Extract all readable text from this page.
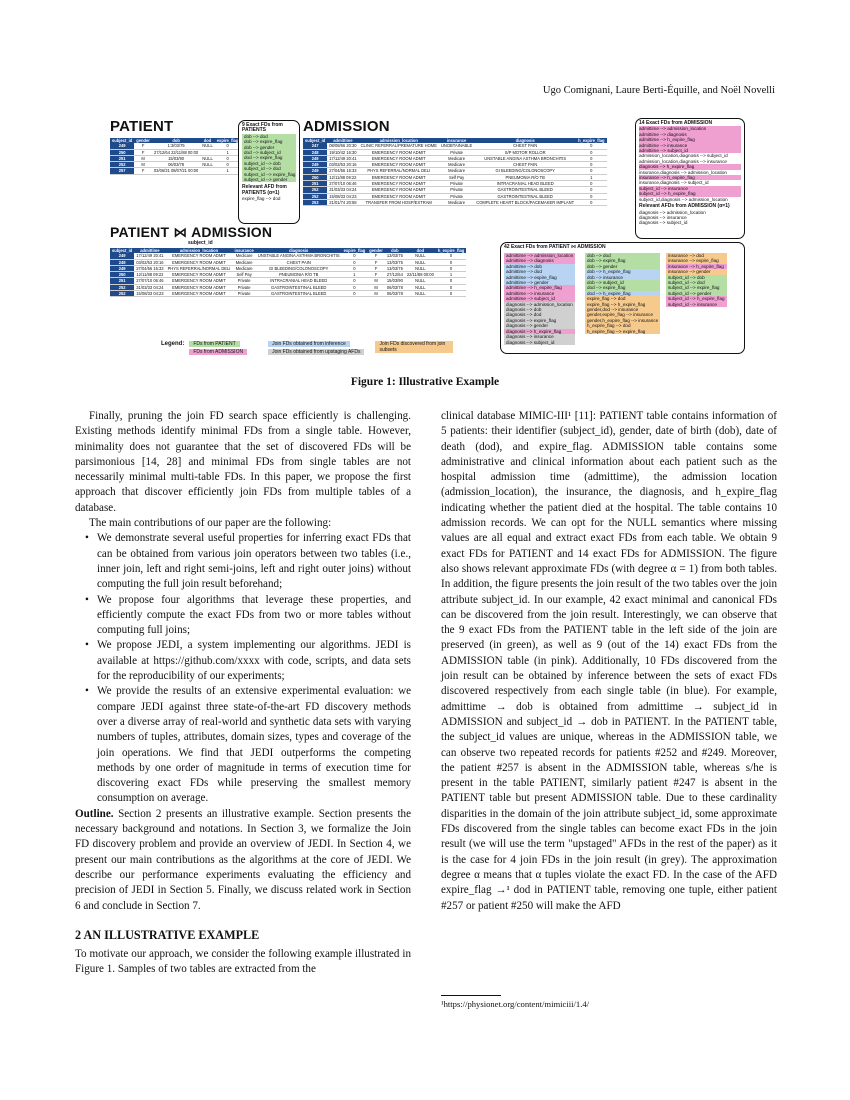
Ugo Comignani, Laure Berti-Équille, and Noël Novelli
PATIENT	ADMISSION
PATIENT ⋈ ADMISSION
subject_id
subject_id	gender	dob	dod	expire_flag
249	F	1:3/03/75	NULL	0
250	F	27/12/64 22/11/88 00:00		1
251	M	15/03/90	NULL	0
252	M	06/03/78	NULL	0
257	F	03/06/31 08/07/21 00:00		1
subject_id	admittime	admission_location	insurance	diagnosis	h_expire_flag
247	08/08/56 20:30	CLINIC REFERRAL/PREMATURE HOME	UNOBTAINABLE	CHEST PAIN	0
248	19/10/42 16:30	EMERGENCY ROOM ADMIT	Private	S/P MOTOR ROLLOR	0
249	17/12/49 20:41	EMERGENCY ROOM ADMIT	Medicare	UNSTABLE ANGINA ASTHMA BRONCHITIS	0
249	03/02/53 20:16	EMERGENCY ROOM ADMIT	Medicare	CHEST PAIN	0
249	27/04/56 15:33	PHYS REFERRAL/NORMAL DELI	Medicare	GI BLEEDING/COLONOSCOPY	0
250	12/11/88 09:22	EMERGENCY ROOM ADMIT	Self Pay	PNEUMONIA R/O TB	1
251	27/07/10 06:46	EMERGENCY ROOM ADMIT	Private	INTRACRANIAL HEAD BLEED	0
252	31/03/33 04:24	EMERGENCY ROOM ADMIT	Private	GASTROINTESTINAL BLEED	0
252	15/08/33 04:23	EMERGENCY ROOM ADMIT	Private	GASTROINTESTINAL BLEED	0
253	21/01/74 20:58	TRANSFER FROM HOSP/EXTRAM	Medicare	COMPLETE HEART BLOCK/PACEMAKER IMPLANT	0
subject_id	admittime	admission_location	insurance	diagnosis	expire_flag	gender	dob	dod	h_expire_flag
249	17/12/49 20:41	EMERGENCY ROOM ADMIT	Medicare	UNSTABLE ANGINA ASTHMA BRONCHITIS	0	F	13/03/75	NULL	0
249	03/02/53 20:16	EMERGENCY ROOM ADMIT	Medicare	CHEST PAIN	0	F	13/03/75	NULL	0
249	27/04/56 15:33	PHYS REFERRAL/NORMAL DELI	Medicare	GI BLEEDING/COLONOSCOPY	0	F	13/03/75	NULL	0
250	12/11/88 09:22	EMERGENCY ROOM ADMIT	Self Pay	PNEUMONIA R/O TB	1	F	27/12/64	22/11/88 00:00	1
251	27/07/10 06:46	EMERGENCY ROOM ADMIT	Private	INTRACRANIAL HEAD BLEED	0	M	15/03/90	NULL	0
252	31/03/33 04:24	EMERGENCY ROOM ADMIT	Private	GASTROINTESTINAL BLEED	0	M	06/03/78	NULL	0
252	15/08/33 04:23	EMERGENCY ROOM ADMIT	Private	GASTROINTESTINAL BLEED	0	M	06/03/78	NULL	0
9 Exact FDs from PATIENTS
dob --> dod
dob --> expire_flag
dob --> gender
dod --> subject_id
dod --> expire_flag
subject_id --> dob
subject_id --> dod
subject_id --> expire_flag
subject_id --> gender
Relevant AFD from PATIENTS (α=1)
expire_flag --> dod
14 Exact FDs from ADMISSION
admittime --> admission_location
admittime --> diagnosis
admittime --> h_expire_flag
admittime --> insurance
admittime --> subject_id
admission_location,diagnosis --> subject_id
admission_location,diagnosis --> insurance
diagnosis --> h_expire_flag
insurance,diagnosis --> admission_location
insurance --> h_expire_flag
insurance,diagnosis --> subject_id
subject_id --> insurance
subject_id --> h_expire_flag
subject_id,diagnosis --> admission_location
Relevant AFDs from ADMISSION (α=1)
diagnosis --> admission_location
diagnosis --> insurance
diagnosis --> subject_id
42 Exact FDs from PATIENT ⋈ ADMISSION
admittime --> admission_location
admittime --> diagnosis
admittime --> dob
admittime --> dod
admittime --> expire_flag
admittime --> gender
admittime --> h_expire_flag
admittime --> insurance
admittime --> subject_id
diagnosis --> admission_location
diagnosis --> dob
diagnosis --> dod
diagnosis --> expire_flag
diagnosis --> gender
diagnosis --> h_expire_flag
diagnosis --> insurance
diagnosis --> subject_id
dob --> dod
dob --> expire_flag
dob --> gender
dob --> h_expire_flag
dob --> insurance
dob --> subject_id
dod --> expire_flag
dod --> h_expire_flag
expire_flag --> dod
expire_flag --> h_expire_flag
gender,dod --> insurance
gender,expire_flag --> insurance
gender,h_expire_flag --> insurance
h_expire_flag --> dod
h_expire_flag --> expire_flag
insurance --> dod
insurance --> expire_flag
insurance --> h_expire_flag
insurance --> gender
subject_id --> dob
subject_id --> dod
subject_id --> expire_flag
subject_id --> gender
subject_id --> h_expire_flag
subject_id --> insurance
Legend:	FDs from PATIENT	Join FDs obtained from inference	Join FDs discovered from join subsets
	FDs from ADMISSION	Join FDs obtained from upstaging AFDs	
Figure 1: Illustrative Example

Finally, pruning the join FD search space efficiently is challenging. Existing methods identify minimal FDs from a single table. However, minimality does not guarantee that the set of discovered FDs will be parsimonious [14, 28] and minimal FDs from single tables are not necessarily minimal multi-table FDs. In this paper, we propose the first approach that discover efficiently join FDs from multiple tables of a database.

The main contributions of our paper are the following:

• We demonstrate several useful properties for inferring exact FDs that can be obtained from various join operators between two tables (i.e., inner join, left and right semi-joins, left and right outer joins) without computing the full join result beforehand;
• We propose four algorithms that leverage these properties, and efficiently compute the exact FDs from two or more tables without computing full joins;
• We propose JEDI, a system implementing our algorithms. JEDI is available at https://github.com/xxxx with code, scripts, and data sets for the reproducibility of our experiments;
• We provide the results of an extensive experimental evaluation: we compare JEDI against three state-of-the-art FD discovery methods over a diverse array of real-world and synthetic data sets with varying numbers of tuples, attributes, domain sizes, types and coverage of the join operations. We find that JEDI outperforms the competing methods by one order of magnitude in terms of execution time for discovering exact FDs while preserving the smallest memory consumption on average.

Outline. Section 2 presents an illustrative example. Section presents the necessary background and notations. In Section 3, we formalize the Join FD discovery problem and provide an overview of JEDI. In Section 4, we present our main contributions as the algorithms at the core of JEDI. We describe our performance experiments evaluating the efficiency and precision of JEDI in Section 5. Finally, we discuss related work in Section 6 and conclude in Section 7.

2 AN ILLUSTRATIVE EXAMPLE

To motivate our approach, we consider the following example illustrated in Figure 1. Samples of two tables are extracted from the

clinical database MIMIC-III¹ [11]: PATIENT table contains information of 5 patients: their identifier (subject_id), gender, date of birth (dob), date of death (dod), and expire_flag. ADMISSION table contains some administrative and clinical information about each patient such as the hospital admission time (admittime), the admission location (admission_location), the insurance, the diagnosis, and h_expire_flag indicating whether the patient died at the hospital. The table contains 10 admission records. We can opt for the NULL semantics where missing values are all equal and extract exact FDs from each table. We obtain 9 exact FDs for PATIENT and 14 exact FDs for ADMISSION. The figure also shows relevant approximate FDs (with degree α = 1) from both tables. In addition, the figure presents the join result of the two tables over the join attribute subject_id. In our example, 42 exact minimal and canonical FDs can be discovered from the join result. Interestingly, we can observe that the 9 exact FDs from the PATIENT table in the left side of the join are preserved (in green), as well as 9 (out of the 14) exact FDs from the ADMISSION table (in pink). Additionally, 10 FDs discovered from the join result can be obtained by inference between the sets of exact FDs discovered respectively from each single table (in blue). For example, admittime → dob is obtained from admittime → subject_id in ADMISSION and subject_id → dob in PATIENT. In the PATIENT table, the subject_id values are unique, whereas in the ADMISSION table, we can observe two repeated records for patients #252 and #249. Moreover, the patient #257 is absent in the ADMISSION table, whereas s/he is present in the table PATIENT, similarly patient #247 is absent in the PATIENT table but present ADMISSION table. Due to these cardinality disparities in the domain of the join attribute subject_id, some approximate FDs discovered from the single tables can become exact FDs in the join result (we will use the term "upstaged" AFDs in the rest of the paper) as it is the case for 4 join FDs in the join result (in grey). The approximation degree α means that α tuples violate the exact FD. In the case of the AFD expire_flag →¹ dod in PATIENT table, removing one tuple, either patient #257 or patient #250 will make the AFD

¹https://physionet.org/content/mimiciii/1.4/
